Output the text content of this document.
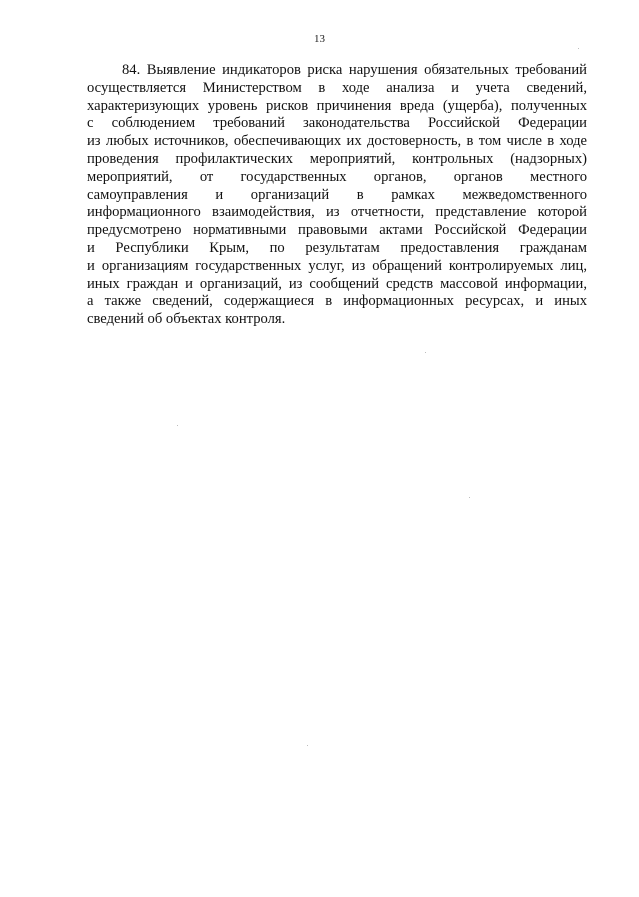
13
84. Выявление индикаторов риска нарушения обязательных требований
осуществляется Министерством в ходе анализа и учета сведений,
характеризующих уровень рисков причинения вреда (ущерба), полученных
с соблюдением требований законодательства Российской Федерации
из любых источников, обеспечивающих их достоверность, в том числе в ходе
проведения профилактических мероприятий, контрольных (надзорных)
мероприятий, от государственных органов, органов местного
самоуправления и организаций в рамках межведомственного
информационного взаимодействия, из отчетности, представление которой
предусмотрено нормативными правовыми актами Российской Федерации
и Республики Крым, по результатам предоставления гражданам
и организациям государственных услуг, из обращений контролируемых лиц,
иных граждан и организаций, из сообщений средств массовой информации,
а также сведений, содержащиеся в информационных ресурсах, и иных
сведений об объектах контроля.
